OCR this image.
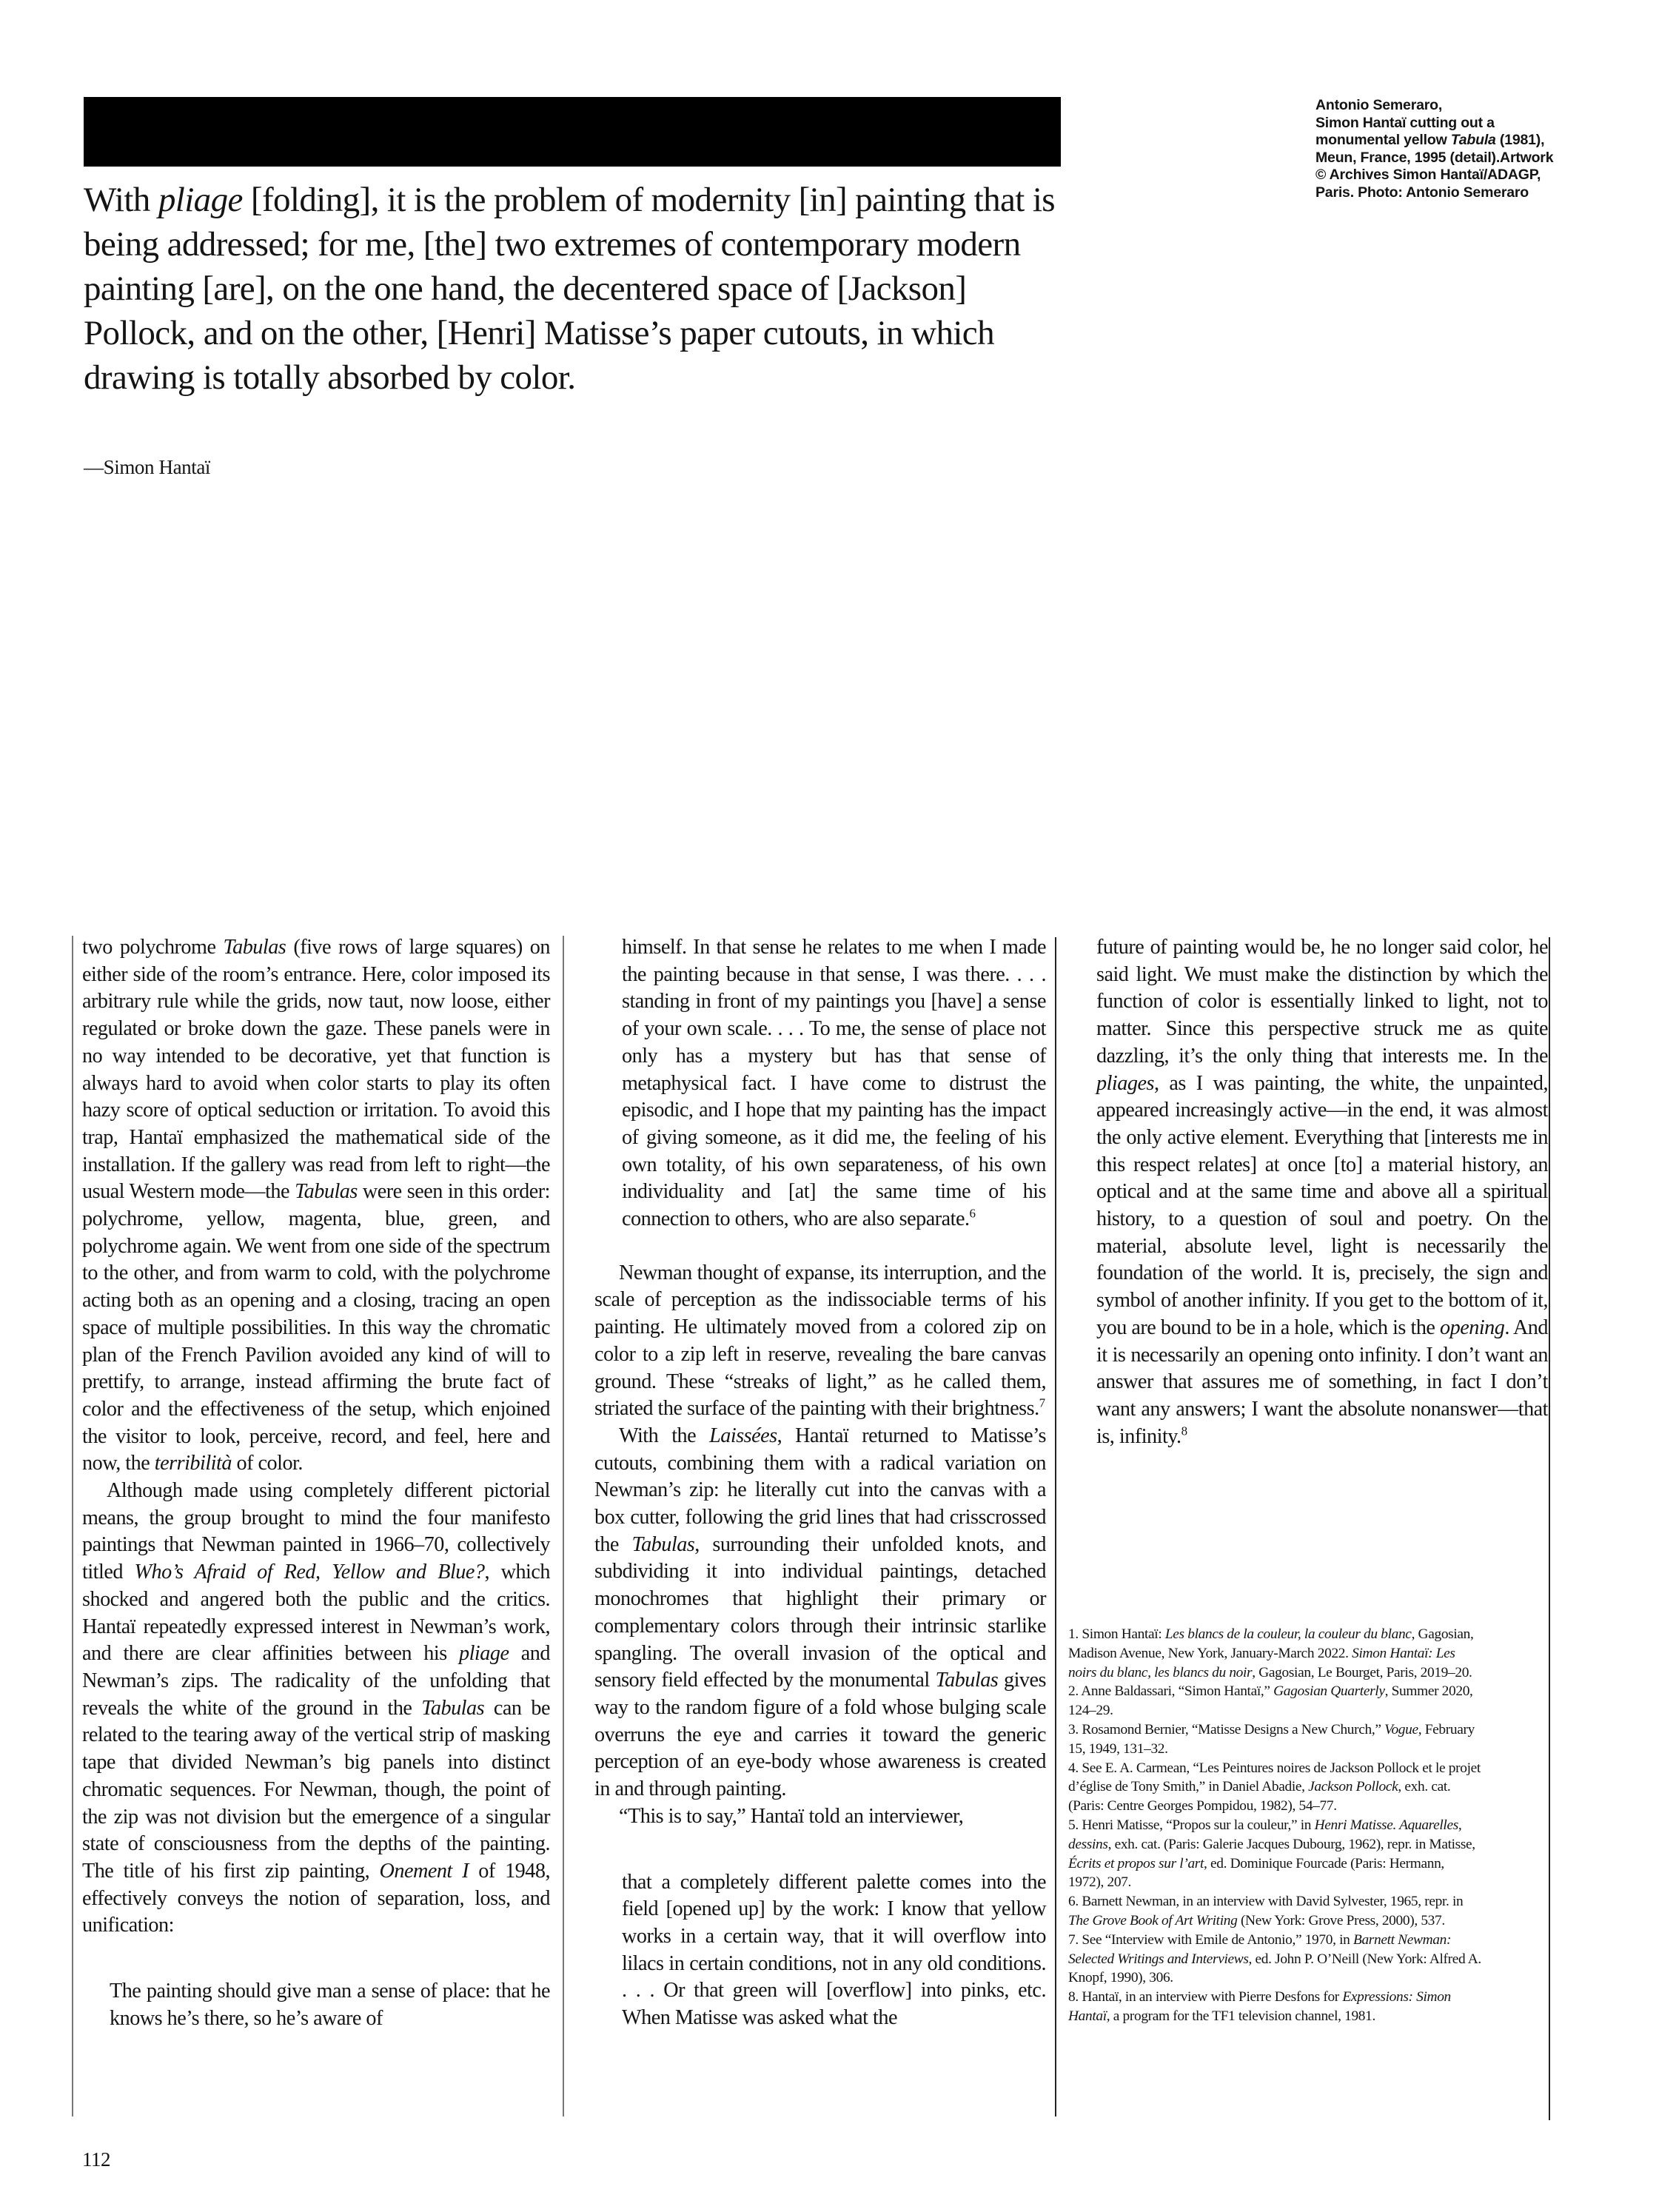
With pliage [folding], it is the problem of modernity [in] painting that is being addressed; for me, [the] two extremes of contemporary modern painting [are], on the one hand, the decentered space of [Jackson] Pollock, and on the other, [Henri] Matisse’s paper cutouts, in which drawing is totally absorbed by color.

—Simon Hantaï
Antonio Semeraro,
Simon Hantaï cutting out a monumental yellow Tabula (1981), Meun, France, 1995 (detail).Artwork © Archives Simon Hantaï/ADAGP, Paris. Photo: Antonio Semeraro

two polychrome Tabulas (five rows of large squares) on either side of the room’s entrance. Here, color imposed its arbitrary rule while the grids, now taut, now loose, either regulated or broke down the gaze. These panels were in no way intended to be decorative, yet that function is always hard to avoid when color starts to play its often hazy score of optical seduction or irritation. To avoid this trap, Hantaï emphasized the mathematical side of the installation. If the gallery was read from left to right—the usual Western mode—the Tabulas were seen in this order: polychrome, yellow, magenta, blue, green, and polychrome again. We went from one side of the spectrum to the other, and from warm to cold, with the polychrome acting both as an opening and a closing, tracing an open space of multiple possibilities. In this way the chromatic plan of the French Pavilion avoided any kind of will to prettify, to arrange, instead affirming the brute fact of color and the effectiveness of the setup, which enjoined the visitor to look, perceive, record, and feel, here and now, the terribilità of color.

Although made using completely different pictorial means, the group brought to mind the four manifesto paintings that Newman painted in 1966–70, collectively titled Who’s Afraid of Red, Yellow and Blue?, which shocked and angered both the public and the critics. Hantaï repeatedly expressed interest in Newman’s work, and there are clear affinities between his pliage and Newman’s zips. The radicality of the unfolding that reveals the white of the ground in the Tabulas can be related to the tearing away of the vertical strip of masking tape that divided Newman’s big panels into distinct chromatic sequences. For Newman, though, the point of the zip was not division but the emergence of a singular state of consciousness from the depths of the painting. The title of his first zip painting, Onement I of 1948, effectively conveys the notion of separation, loss, and unification:

The painting should give man a sense of place: that he knows he’s there, so he’s aware of

himself. In that sense he relates to me when I made the painting because in that sense, I was there. . . . standing in front of my paintings you [have] a sense of your own scale. . . . To me, the sense of place not only has a mystery but has that sense of metaphysical fact. I have come to distrust the episodic, and I hope that my painting has the impact of giving someone, as it did me, the feeling of his own totality, of his own separateness, of his own individuality and [at] the same time of his connection to others, who are also separate.$^6$

Newman thought of expanse, its interruption, and the scale of perception as the indissociable terms of his painting. He ultimately moved from a colored zip on color to a zip left in reserve, revealing the bare canvas ground. These “streaks of light,” as he called them, striated the surface of the painting with their brightness.$^7$

With the Laissées, Hantaï returned to Matisse’s cutouts, combining them with a radical variation on Newman’s zip: he literally cut into the canvas with a box cutter, following the grid lines that had crisscrossed the Tabulas, surrounding their unfolded knots, and subdividing it into individual paintings, detached monochromes that highlight their primary or complementary colors through their intrinsic starlike spangling. The overall invasion of the optical and sensory field effected by the monumental Tabulas gives way to the random figure of a fold whose bulging scale overruns the eye and carries it toward the generic perception of an eye-body whose awareness is created in and through painting.

“This is to say,” Hantaï told an interviewer,

that a completely different palette comes into the field [opened up] by the work: I know that yellow works in a certain way, that it will overflow into lilacs in certain conditions, not in any old conditions. . . . Or that green will [overflow] into pinks, etc. When Matisse was asked what the

future of painting would be, he no longer said color, he said light. We must make the distinction by which the function of color is essentially linked to light, not to matter. Since this perspective struck me as quite dazzling, it’s the only thing that interests me. In the pliages, as I was painting, the white, the unpainted, appeared increasingly active—in the end, it was almost the only active element. Everything that [interests me in this respect relates] at once [to] a material history, an optical and at the same time and above all a spiritual history, to a question of soul and poetry. On the material, absolute level, light is necessarily the foundation of the world. It is, precisely, the sign and symbol of another infinity. If you get to the bottom of it, you are bound to be in a hole, which is the opening. And it is necessarily an opening onto infinity. I don’t want an answer that assures me of something, in fact I don’t want any answers; I want the absolute nonanswer—that is, infinity.$^8$

1. Simon Hantaï: Les blancs de la couleur, la couleur du blanc, Gagosian, Madison Avenue, New York, January-March 2022. Simon Hantaï: Les noirs du blanc, les blancs du noir, Gagosian, Le Bourget, Paris, 2019–20.

2. Anne Baldassari, “Simon Hantaï,” Gagosian Quarterly, Summer 2020, 124–29.

3. Rosamond Bernier, “Matisse Designs a New Church,” Vogue, February 15, 1949, 131–32.

4. See E. A. Carmean, “Les Peintures noires de Jackson Pollock et le projet d’église de Tony Smith,” in Daniel Abadie, Jackson Pollock, exh. cat. (Paris: Centre Georges Pompidou, 1982), 54–77.

5. Henri Matisse, “Propos sur la couleur,” in Henri Matisse. Aquarelles, dessins, exh. cat. (Paris: Galerie Jacques Dubourg, 1962), repr. in Matisse, Écrits et propos sur l’art, ed. Dominique Fourcade (Paris: Hermann, 1972), 207.

6. Barnett Newman, in an interview with David Sylvester, 1965, repr. in The Grove Book of Art Writing (New York: Grove Press, 2000), 537.

7. See “Interview with Emile de Antonio,” 1970, in Barnett Newman: Selected Writings and Interviews, ed. John P. O’Neill (New York: Alfred A. Knopf, 1990), 306.

8. Hantaï, in an interview with Pierre Desfons for Expressions: Simon Hantaï, a program for the TF1 television channel, 1981.

112
